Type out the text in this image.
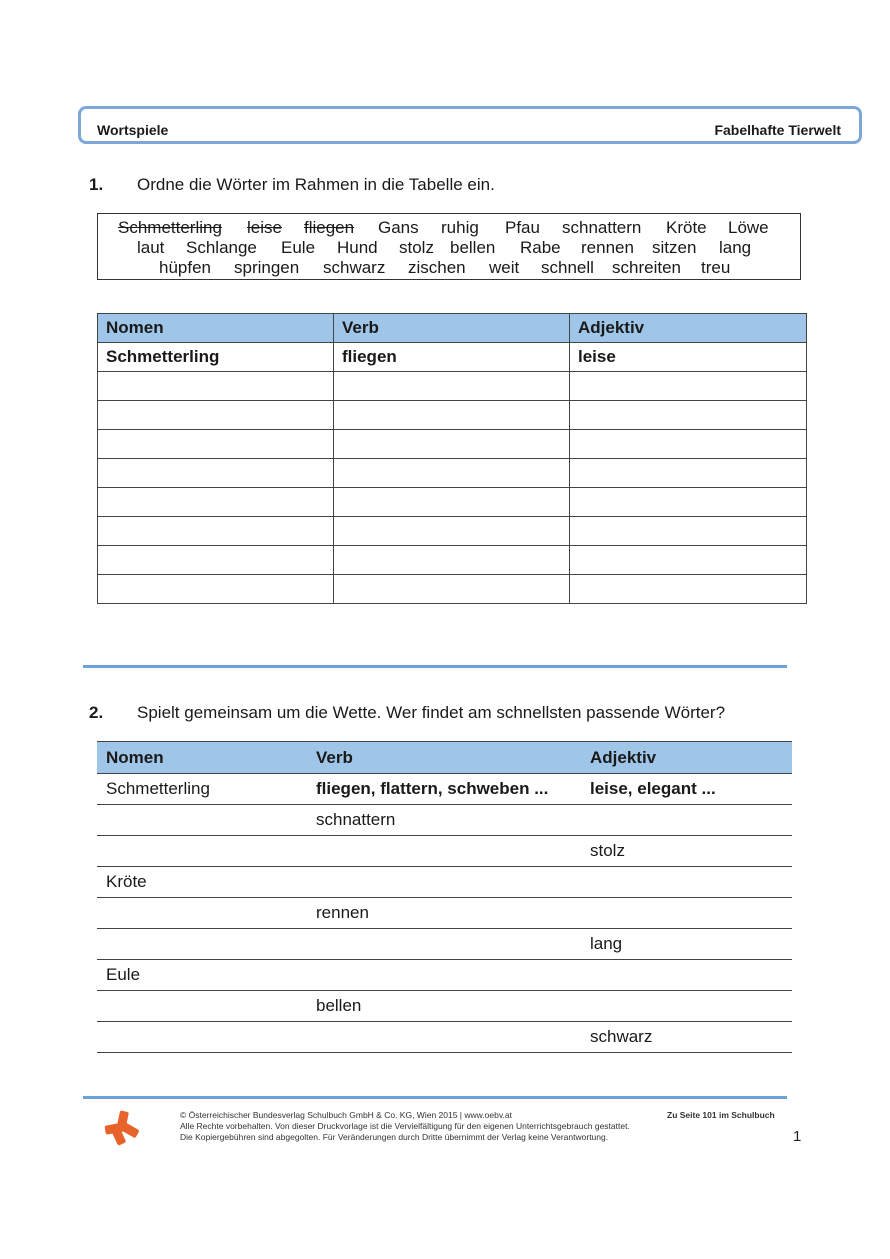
Wortspiele	Fabelhafte Tierwelt
1. Ordne die Wörter im Rahmen in die Tabelle ein.
Schmetterling leise fliegen Gans ruhig Pfau schnattern Kröte Löwe
laut Schlange Eule Hund stolz bellen Rabe rennen sitzen lang
hüpfen springen schwarz zischen weit schnell schreiten treu
Nomen	Verb	Adjektiv
Schmetterling	fliegen	leise

2. Spielt gemeinsam um die Wette. Wer findet am schnellsten passende Wörter?
Nomen	Verb	Adjektiv
Schmetterling	fliegen, flattern, schweben ...	leise, elegant ...
	schnattern	
		stolz
Kröte		
	rennen	
		lang
Eule		
	bellen	
		schwarz
© Österreichischer Bundesverlag Schulbuch GmbH & Co. KG, Wien 2015 | www.oebv.at
Alle Rechte vorbehalten. Von dieser Druckvorlage ist die Vervielfältigung für den eigenen Unterrichtsgebrauch gestattet.
Die Kopiergebühren sind abgegolten. Für Veränderungen durch Dritte übernimmt der Verlag keine Verantwortung.
Zu Seite 101 im Schulbuch
1
